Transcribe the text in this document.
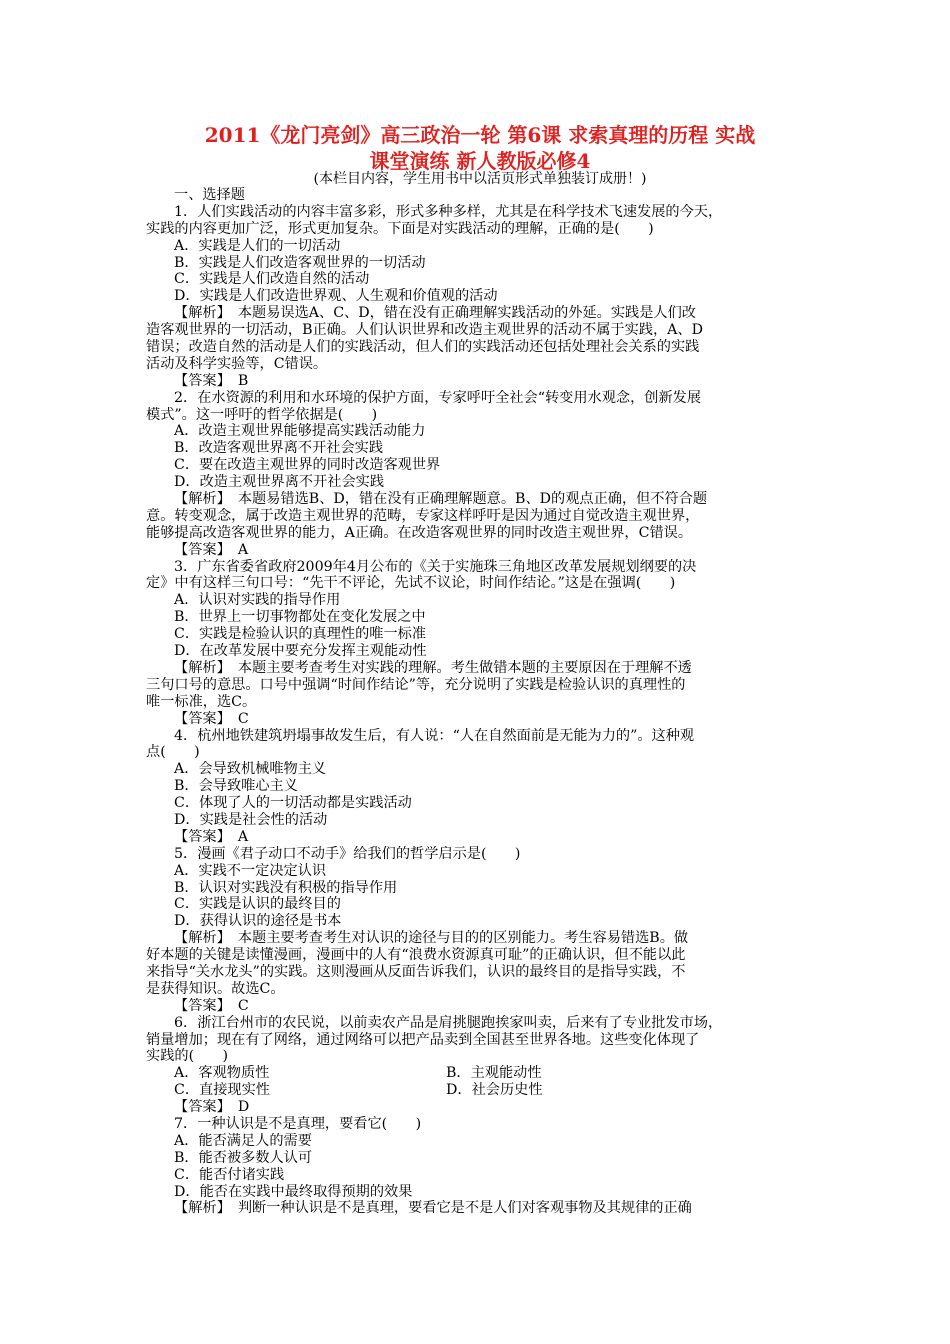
2011《龙门亮剑》高三政治一轮 第6课 求索真理的历程 实战
课堂演练 新人教版必修4
(本栏目内容，学生用书中以活页形式单独装订成册！)
一、选择题
1．人们实践活动的内容丰富多彩，形式多种多样，尤其是在科学技术飞速发展的今天，
实践的内容更加广泛，形式更加复杂。下面是对实践活动的理解，正确的是(　　)
A．实践是人们的一切活动
B．实践是人们改造客观世界的一切活动
C．实践是人们改造自然的活动
D．实践是人们改造世界观、人生观和价值观的活动
【解析】　本题易误选A、C、D，错在没有正确理解实践活动的外延。实践是人们改
造客观世界的一切活动，B正确。人们认识世界和改造主观世界的活动不属于实践，A、D
错误；改造自然的活动是人们的实践活动，但人们的实践活动还包括处理社会关系的实践
活动及科学实验等，C错误。
【答案】　B
2．在水资源的利用和水环境的保护方面，专家呼吁全社会“转变用水观念，创新发展
模式”。这一呼吁的哲学依据是(　　)
A．改造主观世界能够提高实践活动能力
B．改造客观世界离不开社会实践
C．要在改造主观世界的同时改造客观世界
D．改造主观世界离不开社会实践
【解析】　本题易错选B、D，错在没有正确理解题意。B、D的观点正确，但不符合题
意。转变观念，属于改造主观世界的范畴，专家这样呼吁是因为通过自觉改造主观世界，
能够提高改造客观世界的能力，A正确。在改造客观世界的同时改造主观世界，C错误。
【答案】　A
3．广东省委省政府2009年4月公布的《关于实施珠三角地区改革发展规划纲要的决
定》中有这样三句口号：“先干不评论，先试不议论，时间作结论。”这是在强调(　　)
A．认识对实践的指导作用
B．世界上一切事物都处在变化发展之中
C．实践是检验认识的真理性的唯一标准
D．在改革发展中要充分发挥主观能动性
【解析】　本题主要考查考生对实践的理解。考生做错本题的主要原因在于理解不透
三句口号的意思。口号中强调“时间作结论”等，充分说明了实践是检验认识的真理性的
唯一标准，选C。
【答案】　C
4．杭州地铁建筑坍塌事故发生后，有人说：“人在自然面前是无能为力的”。这种观
点(　　)
A．会导致机械唯物主义
B．会导致唯心主义
C．体现了人的一切活动都是实践活动
D．实践是社会性的活动
【答案】　A
5．漫画《君子动口不动手》给我们的哲学启示是(　　)
A．实践不一定决定认识
B．认识对实践没有积极的指导作用
C．实践是认识的最终目的
D．获得认识的途径是书本
【解析】　本题主要考查考生对认识的途径与目的的区别能力。考生容易错选B。做
好本题的关键是读懂漫画，漫画中的人有“浪费水资源真可耻”的正确认识，但不能以此
来指导“关水龙头”的实践。这则漫画从反面告诉我们，认识的最终目的是指导实践，不
是获得知识。故选C。
【答案】　C
6．浙江台州市的农民说，以前卖农产品是肩挑腿跑挨家叫卖，后来有了专业批发市场，
销量增加；现在有了网络，通过网络可以把产品卖到全国甚至世界各地。这些变化体现了
实践的(　　)
A．客观物质性	B．主观能动性
C．直接现实性	D．社会历史性
【答案】　D
7．一种认识是不是真理，要看它(　　)
A．能否满足人的需要
B．能否被多数人认可
C．能否付诸实践
D．能否在实践中最终取得预期的效果
【解析】　判断一种认识是不是真理，要看它是不是人们对客观事物及其规律的正确
